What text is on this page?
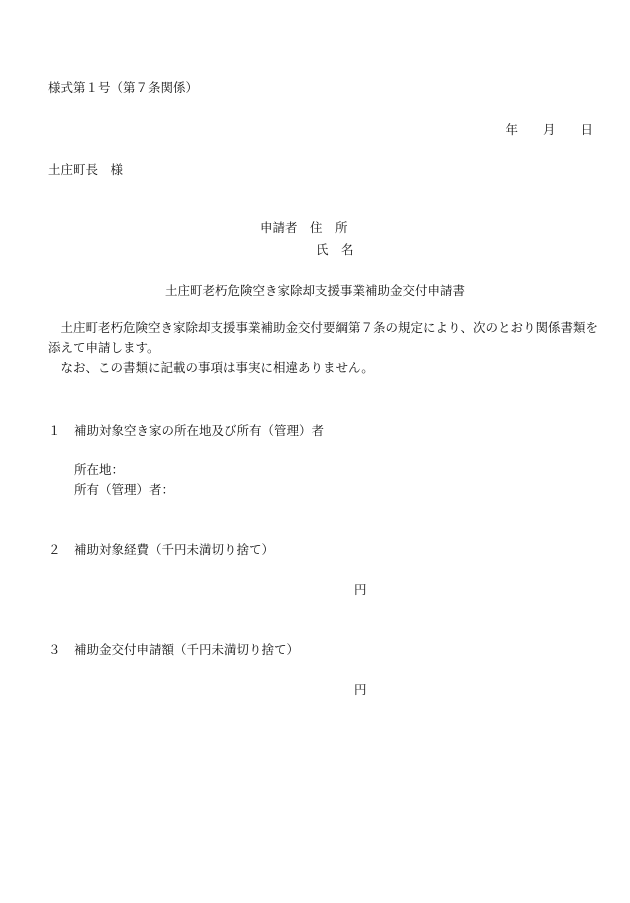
様式第１号（第７条関係）
年　　月　　日
土庄町長　様
申請者　住　所
氏　名
土庄町老朽危険空き家除却支援事業補助金交付申請書
　土庄町老朽危険空き家除却支援事業補助金交付要綱第７条の規定により、次のとおり関係書類を添えて申請します。
　なお、この書類に記載の事項は事実に相違ありません。
１ 補助対象空き家の所在地及び所有（管理）者
所在地：
所有（管理）者：
２ 補助対象経費（千円未満切り捨て）
円
３ 補助金交付申請額（千円未満切り捨て）
円
